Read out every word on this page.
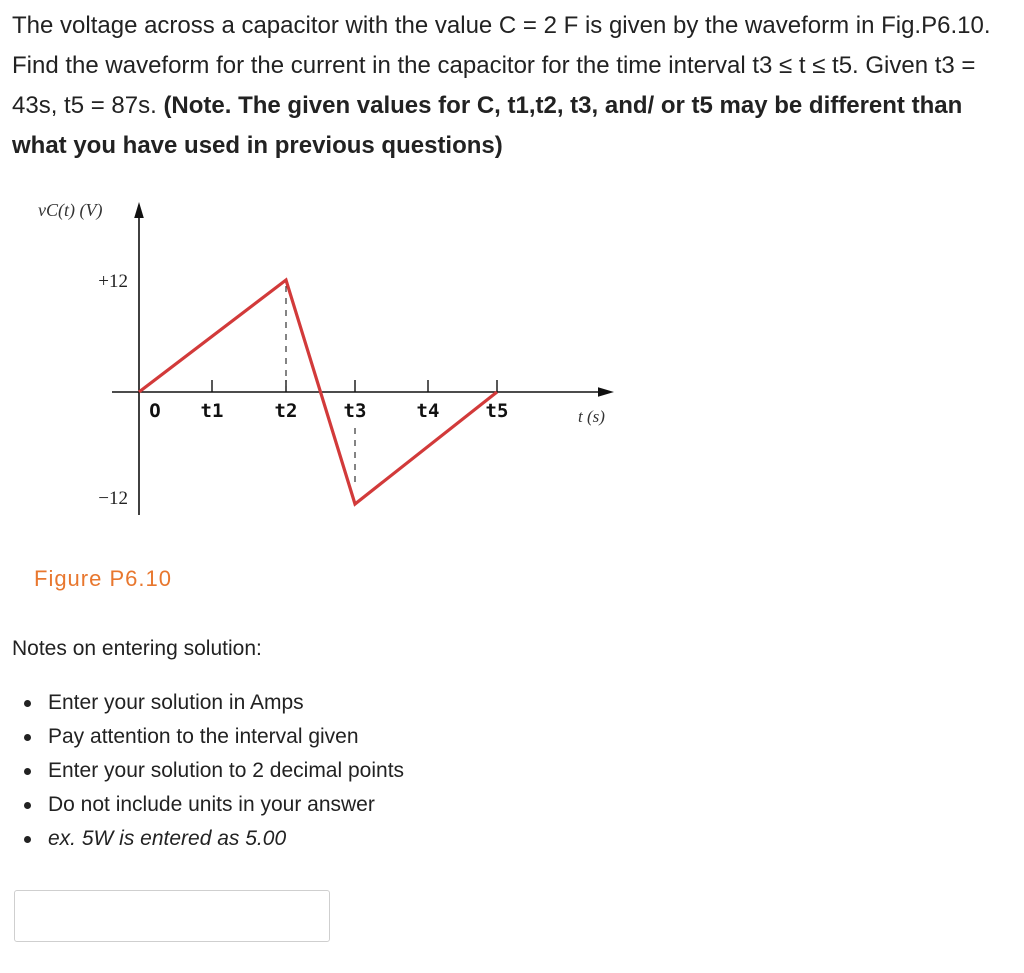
The voltage across a capacitor with the value C = 2 F is given by the waveform in Fig.P6.10. Find the waveform for the current in the capacitor for the time interval t3 ≤ t ≤ t5. Given t3 = 43s, t5 = 87s. (Note. The given values for C, t1,t2, t3, and/ or t5 may be different than what you have used in previous questions)

vC(t) (V)
O t1	t2 t3	t4 t5
+12
−12
t (s)
Figure P6.10
Notes on entering solution:
Enter your solution in Amps
Pay attention to the interval given
Enter your solution to 2 decimal points
Do not include units in your answer
ex. 5W is entered as 5.00
